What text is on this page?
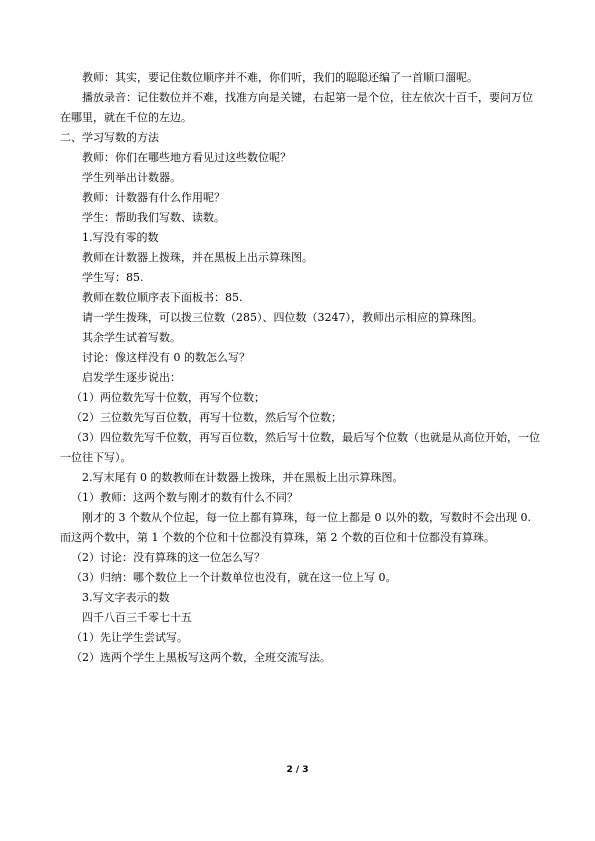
教师：其实，要记住数位顺序并不难，你们听，我们的聪聪还编了一首顺口溜呢。
播放录音：记住数位并不难，找准方向是关键，右起第一是个位，往左依次十百千，要问万位在哪里，就在千位的左边。
二、学习写数的方法
教师：你们在哪些地方看见过这些数位呢？
学生列举出计数器。
教师：计数器有什么作用呢？
学生：帮助我们写数、读数。
1.写没有零的数
教师在计数器上拨珠，并在黑板上出示算珠图。
学生写：85.
教师在数位顺序表下面板书：85.
请一学生拨珠，可以拨三位数（285）、四位数（3247），教师出示相应的算珠图。
其余学生试着写数。
讨论：像这样没有 0 的数怎么写？
启发学生逐步说出：
（1）两位数先写十位数，再写个位数；
（2）三位数先写百位数，再写十位数，然后写个位数；
（3）四位数先写千位数，再写百位数，然后写十位数，最后写个位数（也就是从高位开始，一位一位往下写）。
2.写末尾有 0 的数教师在计数器上拨珠，并在黑板上出示算珠图。
（1）教师：这两个数与刚才的数有什么不同？
刚才的 3 个数从个位起，每一位上都有算珠，每一位上都是 0 以外的数，写数时不会出现 0.而这两个数中，第 1 个数的个位和十位都没有算珠，第 2 个数的百位和十位都没有算珠。
（2）讨论：没有算珠的这一位怎么写？
（3）归纳：哪个数位上一个计数单位也没有，就在这一位上写 0。
3.写文字表示的数
四千八百三千零七十五
（1）先让学生尝试写。
（2）选两个学生上黑板写这两个数，全班交流写法。
2 / 3
